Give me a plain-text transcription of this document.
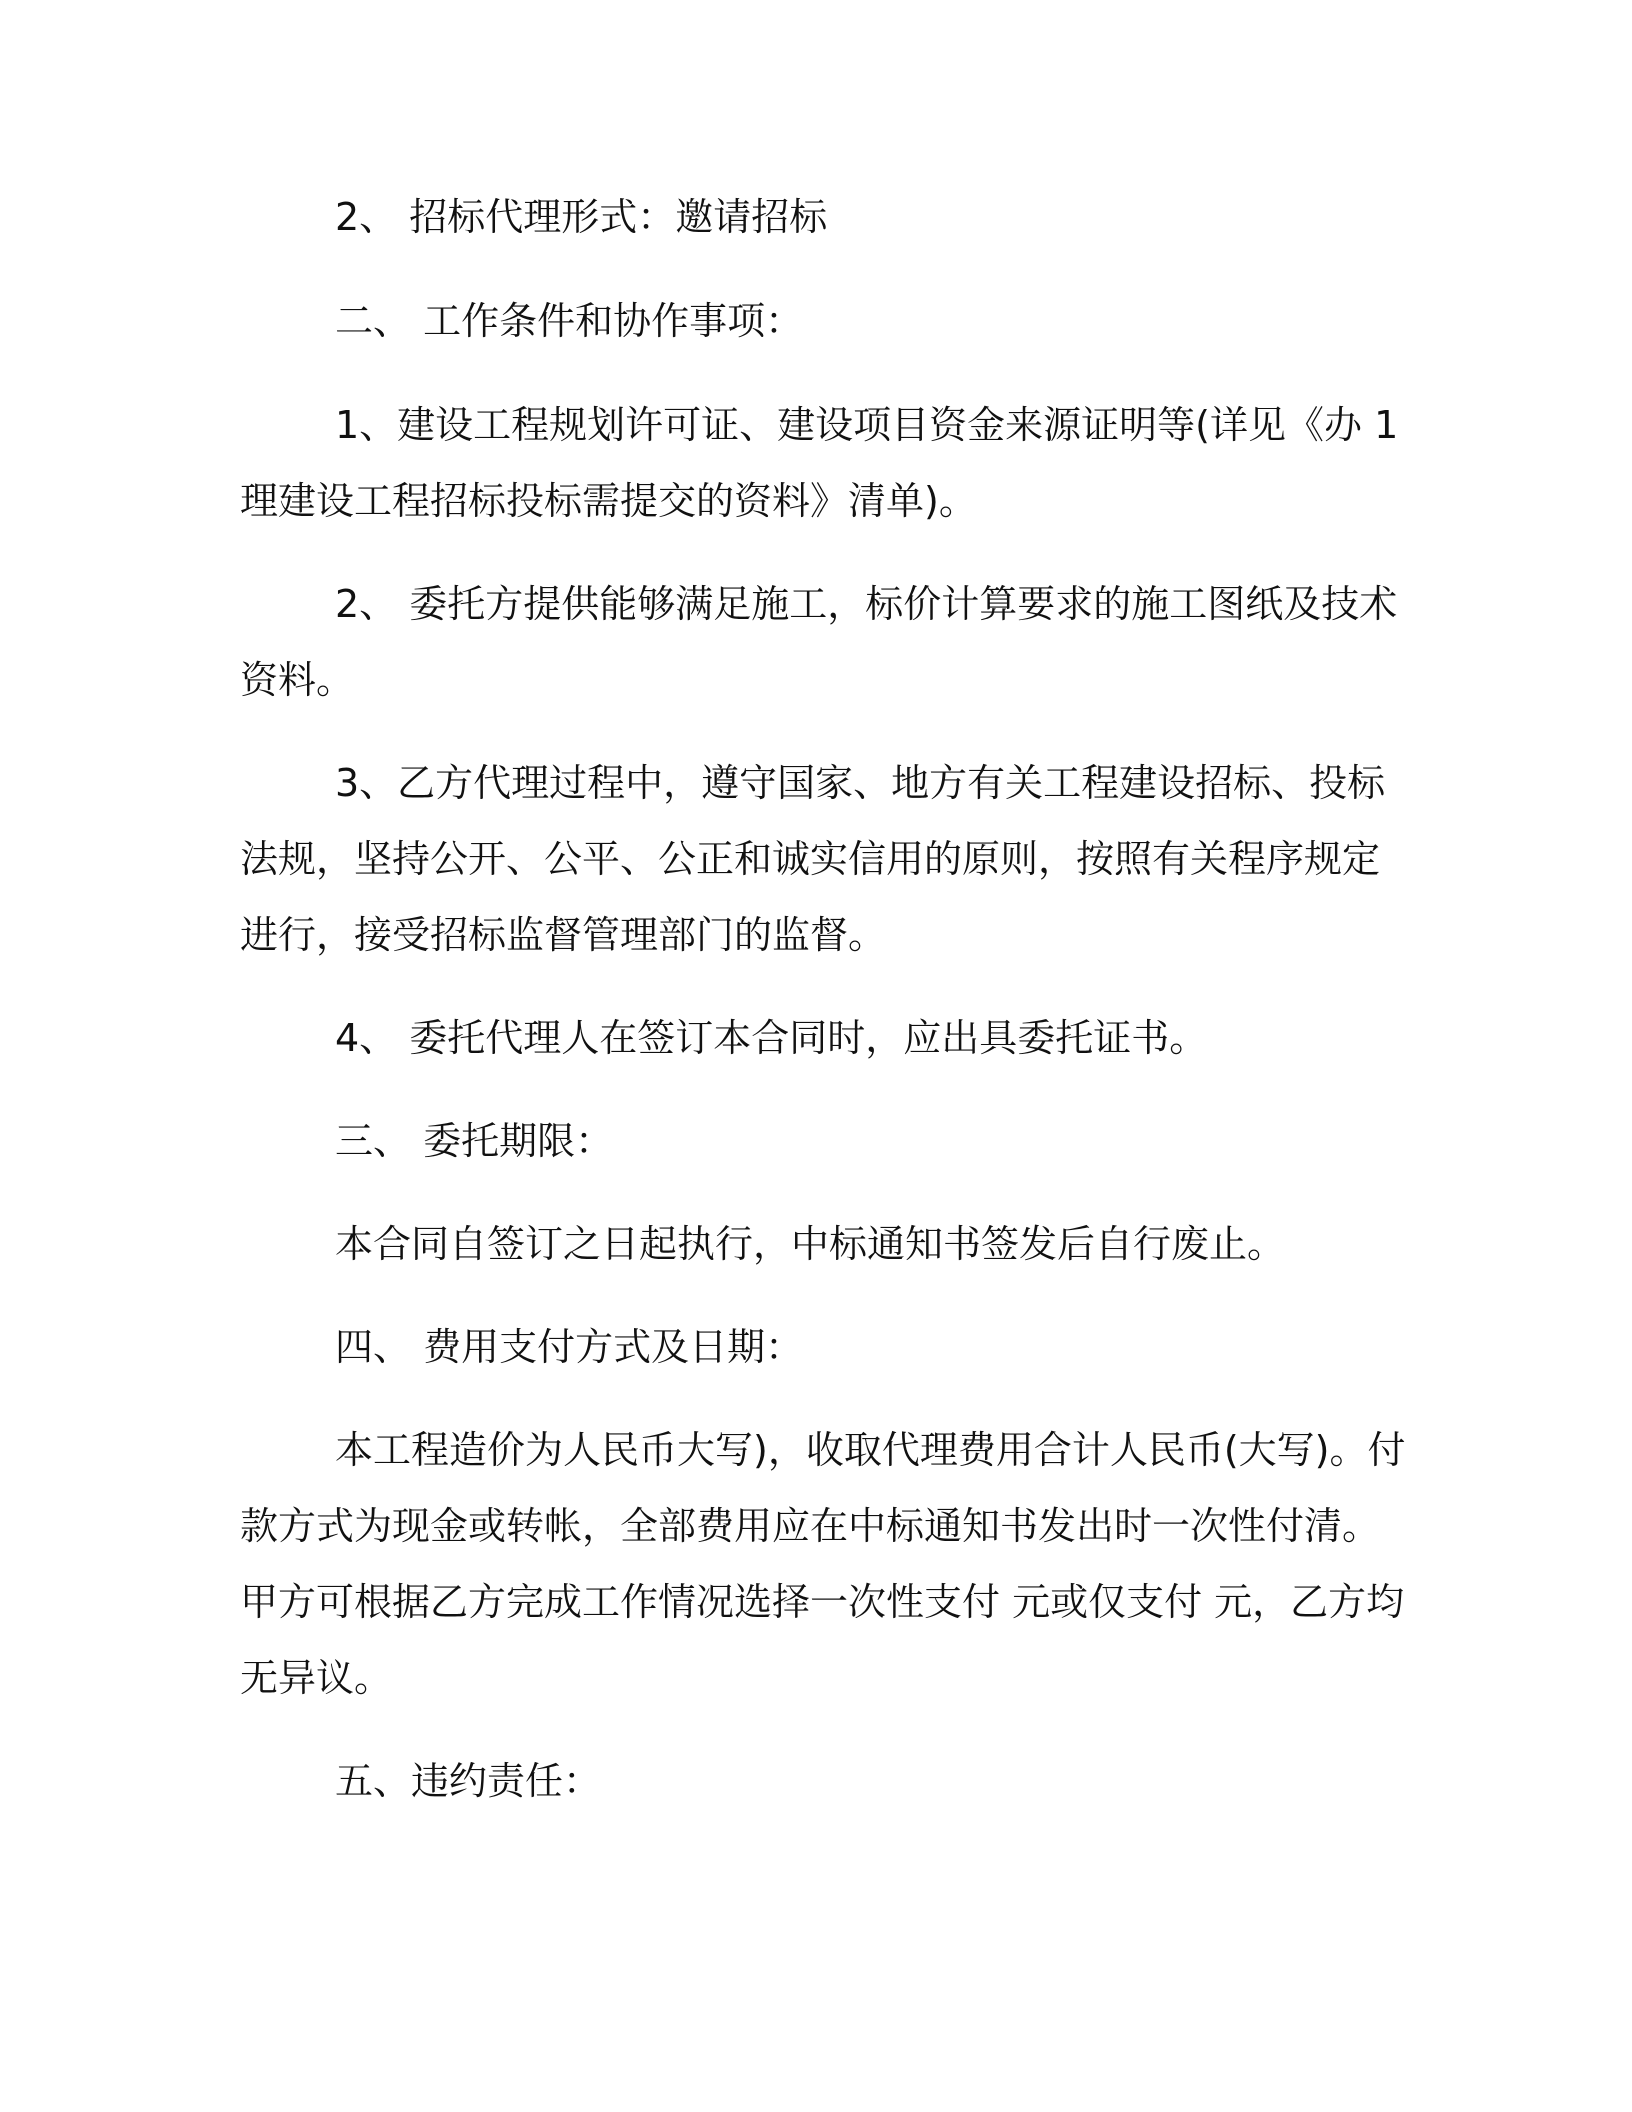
2、 招标代理形式：邀请招标
二、 工作条件和协作事项：
1、建设工程规划许可证、建设项目资金来源证明等(详见《办 1
理建设工程招标投标需提交的资料》清单)。
2、 委托方提供能够满足施工，标价计算要求的施工图纸及技术
资料。
3、乙方代理过程中，遵守国家、地方有关工程建设招标、投标
法规，坚持公开、公平、公正和诚实信用的原则，按照有关程序规定
进行，接受招标监督管理部门的监督。
4、 委托代理人在签订本合同时，应出具委托证书。
三、 委托期限：
本合同自签订之日起执行，中标通知书签发后自行废止。
四、 费用支付方式及日期：
本工程造价为人民币大写)，收取代理费用合计人民币(大写)。付
款方式为现金或转帐，全部费用应在中标通知书发出时一次性付清。
甲方可根据乙方完成工作情况选择一次性支付 元或仅支付 元，乙方均
无异议。
五、违约责任：
